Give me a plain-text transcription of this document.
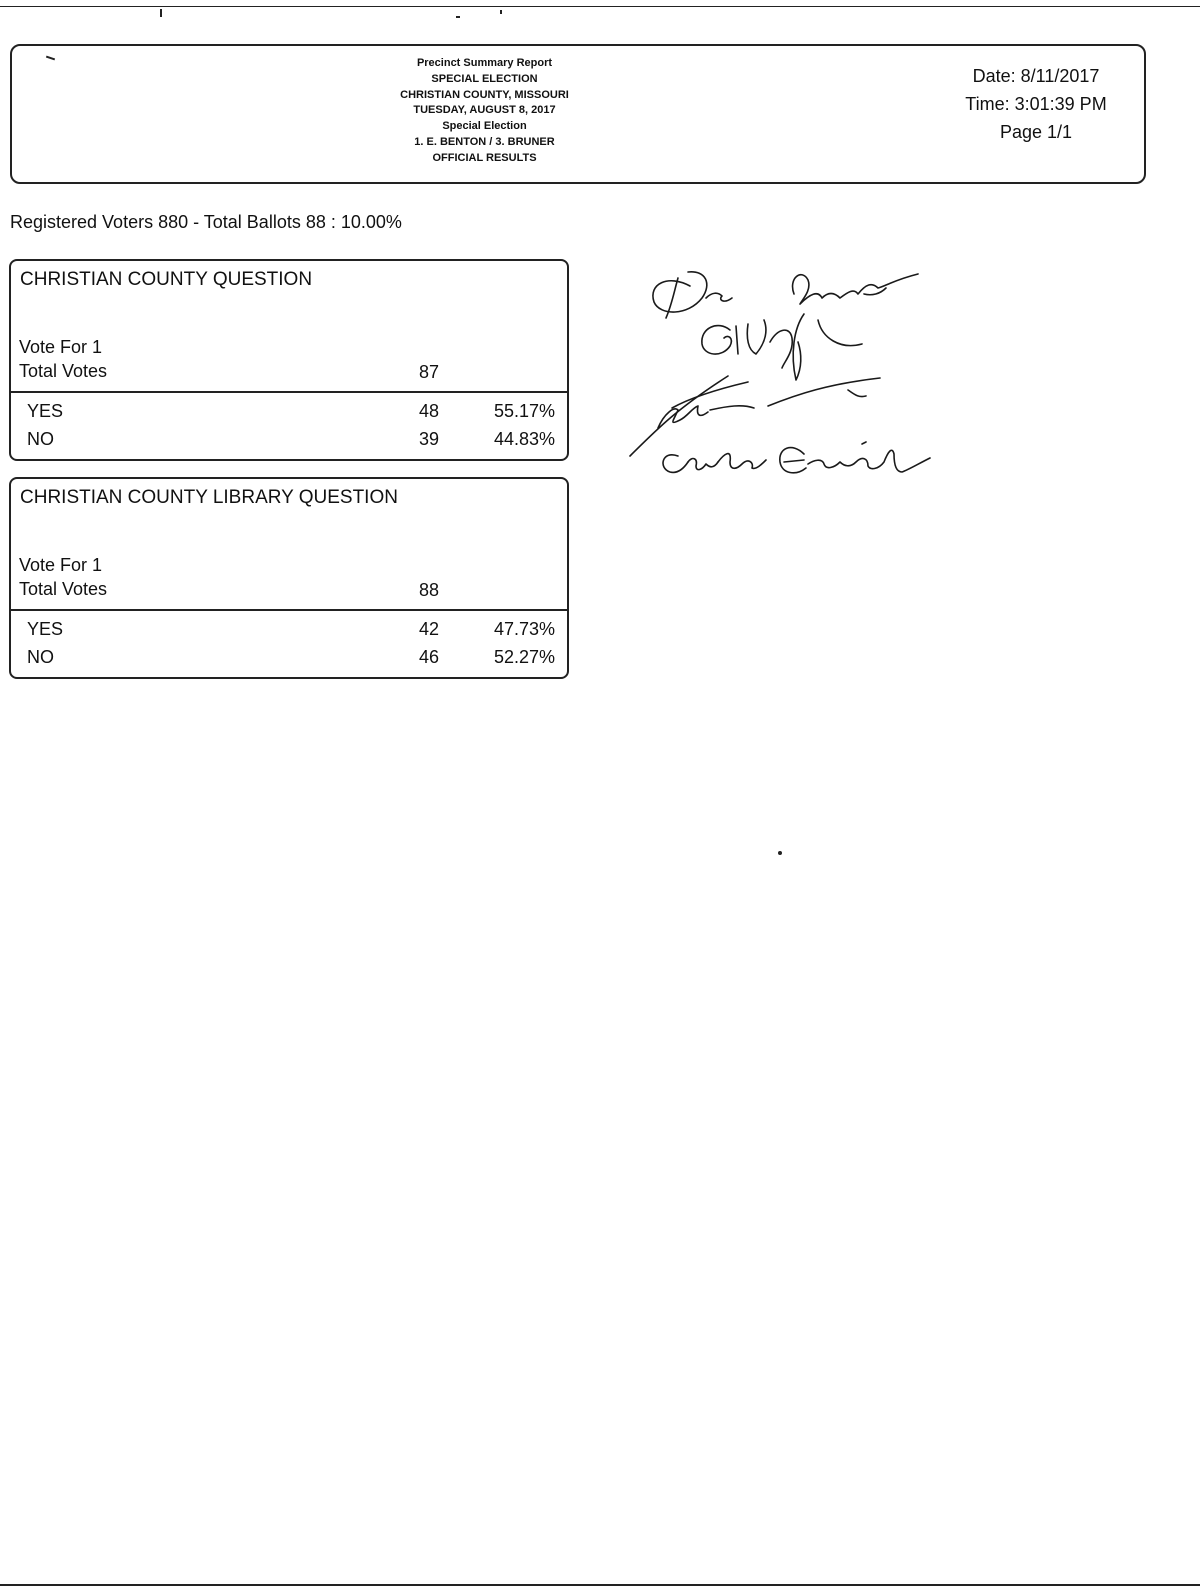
Precinct Summary Report
SPECIAL ELECTION
CHRISTIAN COUNTY, MISSOURI
TUESDAY, AUGUST 8, 2017
Special Election
1. E. BENTON / 3. BRUNER
OFFICIAL RESULTS
Date: 8/11/2017
Time: 3:01:39 PM
Page 1/1
Registered Voters 880 - Total Ballots 88 : 10.00%
CHRISTIAN COUNTY QUESTION
Vote For 1
Total Votes	87
YES	48	55.17%
NO	39	44.83%
CHRISTIAN COUNTY LIBRARY QUESTION
Vote For 1
Total Votes	88
YES	42	47.73%
NO	46	52.27%
